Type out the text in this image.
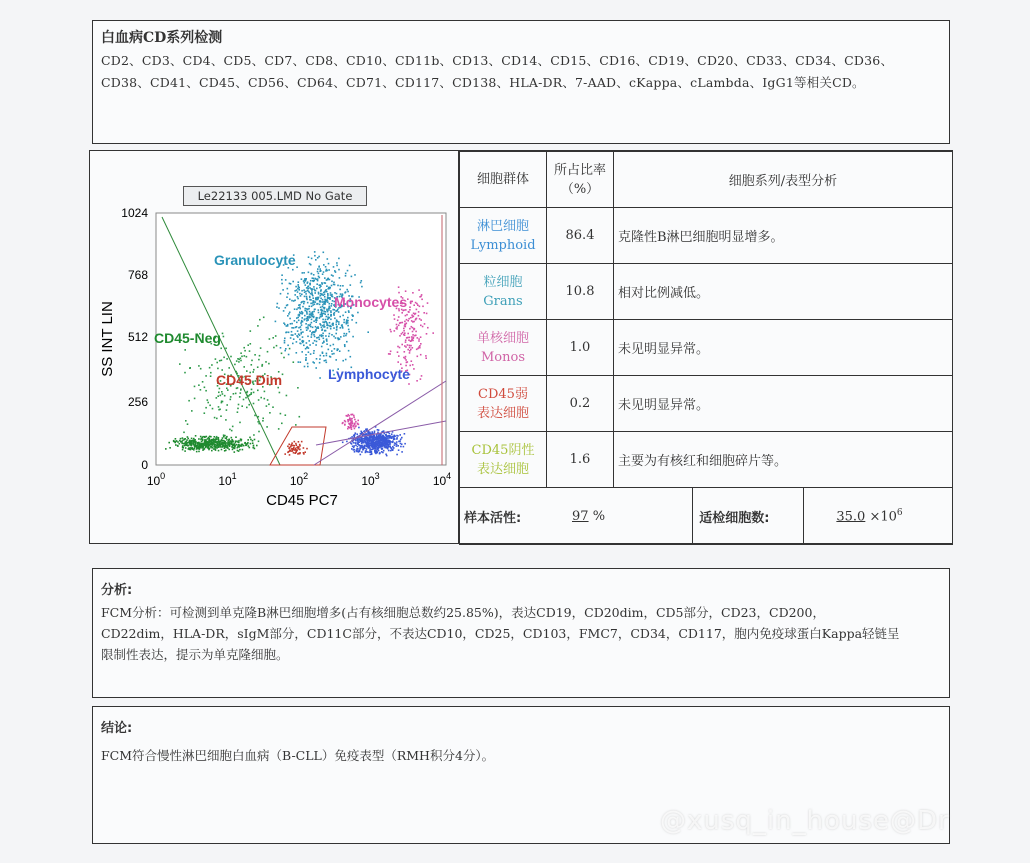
白血病CD系列检测
CD2、CD3、CD4、CD5、CD7、CD8、CD10、CD11b、CD13、CD14、CD15、CD16、CD19、CD20、CD33、CD34、CD36、
CD38、CD41、CD45、CD56、CD64、CD71、CD117、CD138、HLA-DR、7-AAD、cKappa、cLambda、IgG1等相关CD。
1024
768
512
256
0
$10^0$	$10^1$	$10^2$	$10^3$	$10^4$
SS INT LIN
CD45 PC7
Granulocyte
Monocytes
CD45-Neg
CD45 Dim	Lymphocyte
Le22133 005.LMD No Gate
细胞群体	所占比率（%）	细胞系列/表型分析
淋巴细胞
Lymphoid	86.4	克隆性B淋巴细胞明显增多。
粒细胞
Grans	10.8	相对比例减低。
单核细胞
Monos	1.0	未见明显异常。
CD45弱
表达细胞	0.2	未见明显异常。
CD45阴性
表达细胞	1.6	主要为有核红和细胞碎片等。

样本活性: 97 % 适检细胞数: $35.0 \times 10^6$
分析:
FCM分析：可检测到单克隆B淋巴细胞增多(占有核细胞总数约25.85%)，表达CD19，CD20dim，CD5部分，CD23，CD200，
CD22dim，HLA-DR，sIgM部分，CD11C部分，不表达CD10，CD25，CD103，FMC7，CD34，CD117，胞内免疫球蛋白Kappa轻链呈
限制性表达，提示为单克隆细胞。
结论:
FCM符合慢性淋巴细胞白血病（B-CLL）免疫表型（RMH积分4分）。
@xusq_in_house@Dr
